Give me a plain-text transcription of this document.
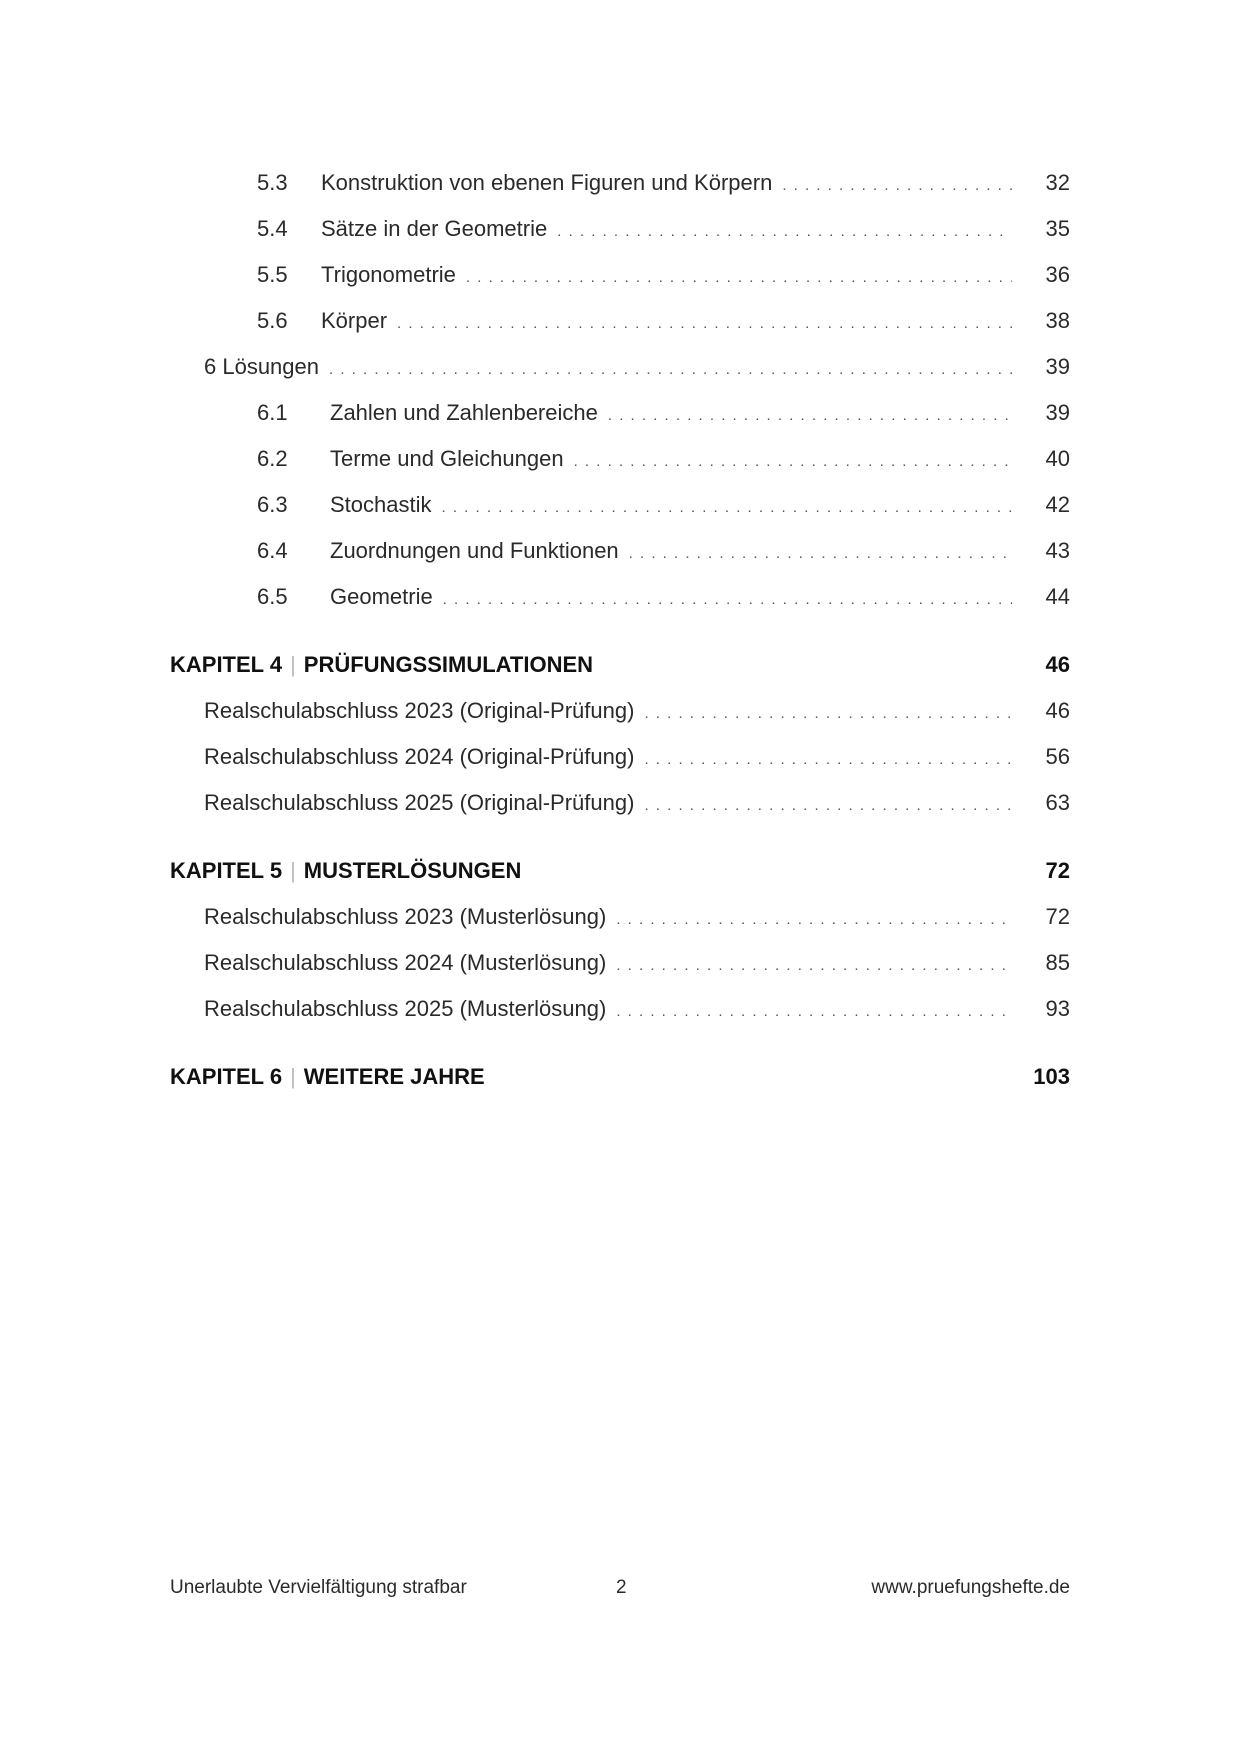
5.3	Konstruktion von ebenen Figuren und Körpern . . .	32
5.4	Sätze in der Geometrie . . .	35
5.5	Trigonometrie . . .	36
5.6	Körper . . .	38
6 Lösungen . . .	39
6.1	Zahlen und Zahlenbereiche . . .	39
6.2	Terme und Gleichungen . . .	40
6.3	Stochastik . . .	42
6.4	Zuordnungen und Funktionen . . .	43
6.5	Geometrie . . .	44
KAPITEL 4 | PRÜFUNGSSIMULATIONEN	46
Realschulabschluss 2023 (Original-Prüfung) . . .	46
Realschulabschluss 2024 (Original-Prüfung) . . .	56
Realschulabschluss 2025 (Original-Prüfung) . . .	63
KAPITEL 5 | MUSTERLÖSUNGEN	72
Realschulabschluss 2023 (Musterlösung) . . .	72
Realschulabschluss 2024 (Musterlösung) . . .	85
Realschulabschluss 2025 (Musterlösung) . . .	93
KAPITEL 6 | WEITERE JAHRE	103
Unerlaubte Vervielfältigung strafbar	2	www.pruefungshefte.de
